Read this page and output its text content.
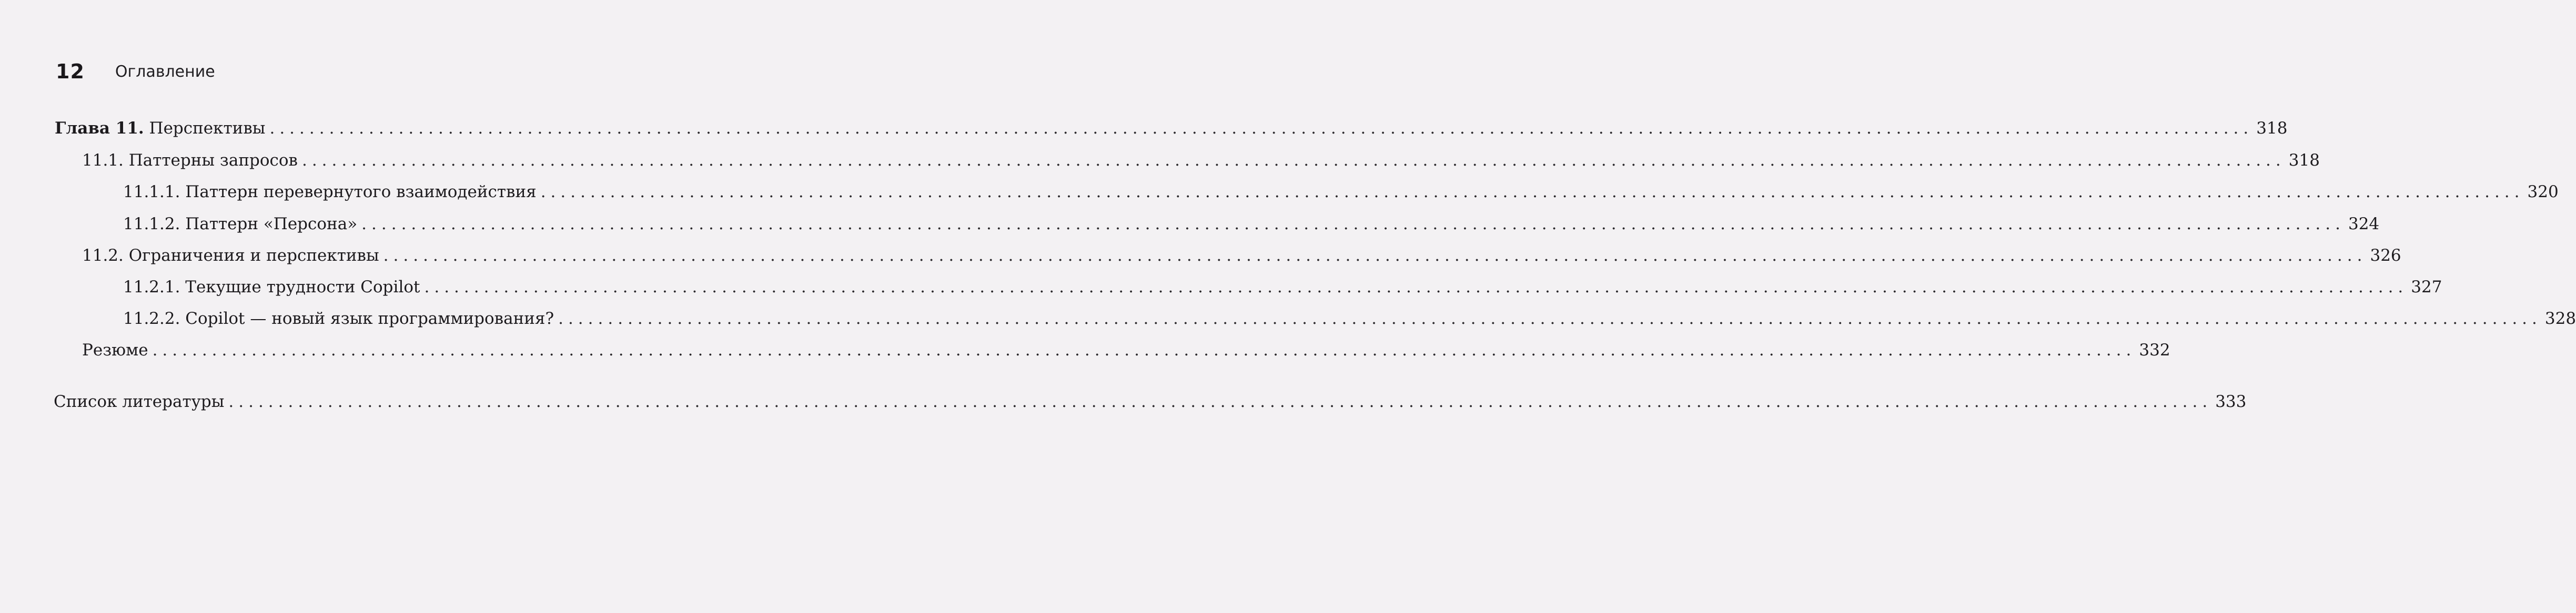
12 Оглавление
Глава 11. Перспективы ........................................................................................................................................................................................................ 318
11.1. Паттерны запросов ........................................................................................................................................................................................................ 318
11.1.1. Паттерн перевернутого взаимодействия ........................................................................................................................................................................................................ 320
11.1.2. Паттерн «Персона» ........................................................................................................................................................................................................ 324
11.2. Ограничения и перспективы ........................................................................................................................................................................................................ 326
11.2.1. Текущие трудности Copilot ........................................................................................................................................................................................................ 327
11.2.2. Copilot — новый язык программирования? ........................................................................................................................................................................................................ 328
Резюме ........................................................................................................................................................................................................ 332
Список литературы ........................................................................................................................................................................................................ 333
